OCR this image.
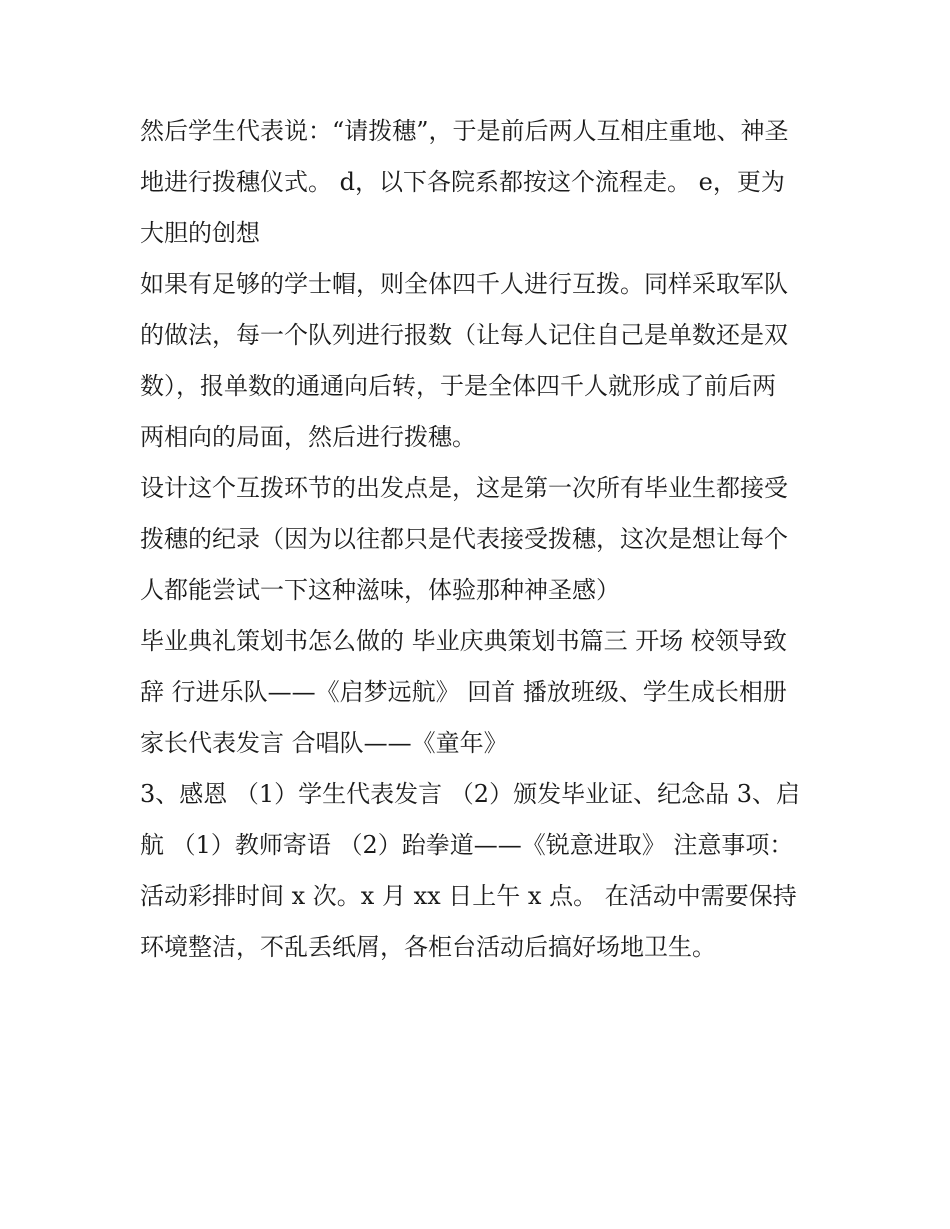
然后学生代表说：“请拨穗”，于是前后两人互相庄重地、神圣
地进行拨穗仪式。 d，以下各院系都按这个流程走。 e，更为
大胆的创想
如果有足够的学士帽，则全体四千人进行互拨。同样采取军队
的做法，每一个队列进行报数（让每人记住自己是单数还是双
数），报单数的通通向后转，于是全体四千人就形成了前后两
两相向的局面，然后进行拨穗。
设计这个互拨环节的出发点是，这是第一次所有毕业生都接受
拨穗的纪录（因为以往都只是代表接受拨穗，这次是想让每个
人都能尝试一下这种滋味，体验那种神圣感）
毕业典礼策划书怎么做的 毕业庆典策划书篇三 开场 校领导致
辞 行进乐队——《启梦远航》 回首 播放班级、学生成长相册
家长代表发言 合唱队——《童年》
3、感恩 （1）学生代表发言 （2）颁发毕业证、纪念品 3、启
航 （1）教师寄语 （2）跆拳道——《锐意进取》 注意事项：
活动彩排时间 x 次。x 月 xx 日上午 x 点。 在活动中需要保持
环境整洁，不乱丢纸屑，各柜台活动后搞好场地卫生。
